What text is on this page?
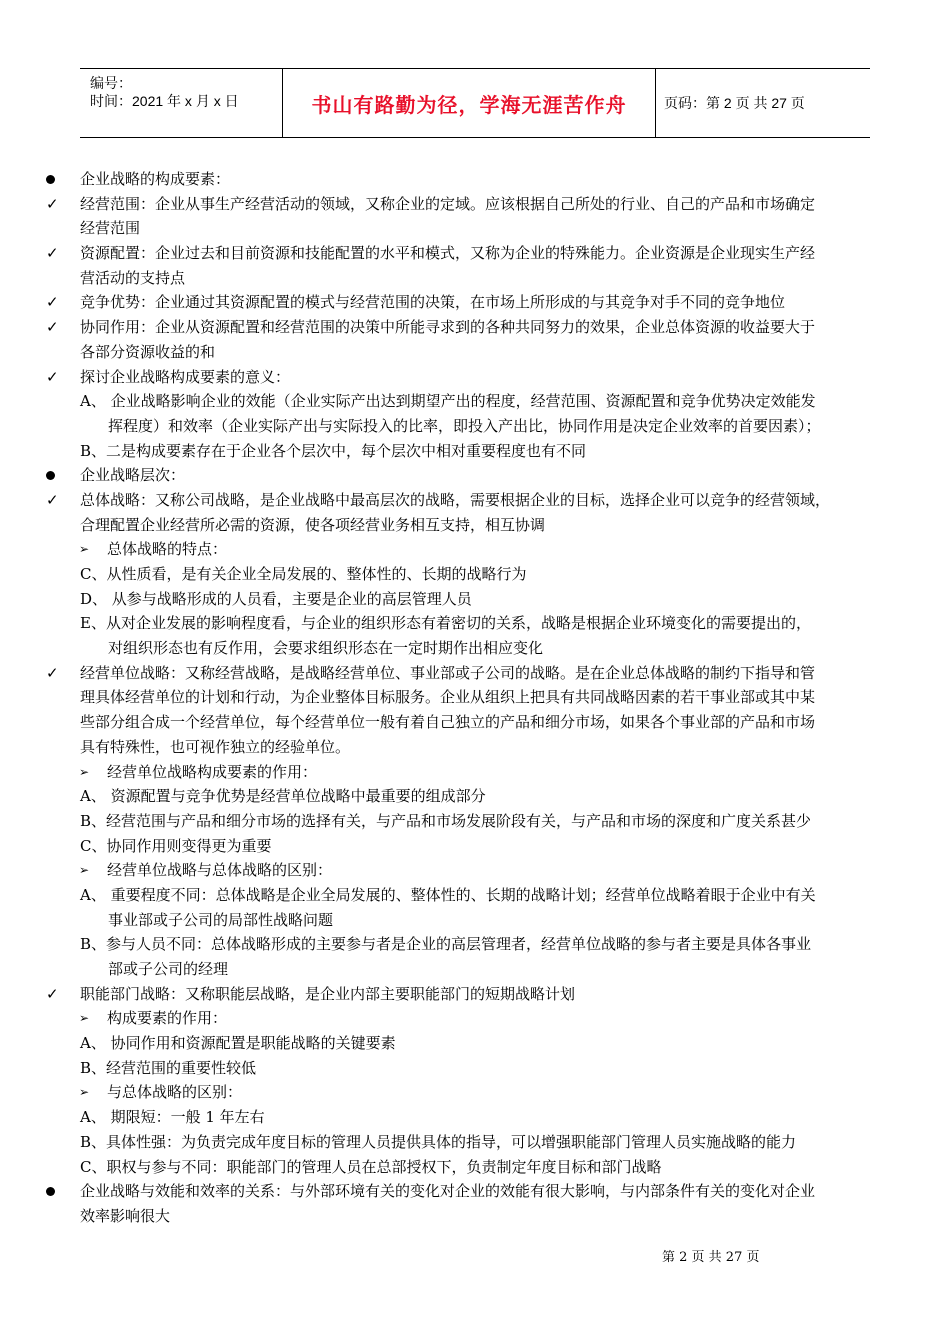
编号：
时间：2021 年 x 月 x 日	书山有路勤为径，学海无涯苦作舟	页码：第 2 页 共 27 页
企业战略的构成要素：
✓ 经营范围：企业从事生产经营活动的领域，又称企业的定域。应该根据自己所处的行业、自己的产品和市场确定
经营范围
✓ 资源配置：企业过去和目前资源和技能配置的水平和模式，又称为企业的特殊能力。企业资源是企业现实生产经
营活动的支持点
✓ 竞争优势：企业通过其资源配置的模式与经营范围的决策，在市场上所形成的与其竞争对手不同的竞争地位
✓ 协同作用：企业从资源配置和经营范围的决策中所能寻求到的各种共同努力的效果，企业总体资源的收益要大于
各部分资源收益的和
✓ 探讨企业战略构成要素的意义：
A、 企业战略影响企业的效能（企业实际产出达到期望产出的程度，经营范围、资源配置和竞争优势决定效能发
挥程度）和效率（企业实际产出与实际投入的比率，即投入产出比，协同作用是决定企业效率的首要因素）；
B、二是构成要素存在于企业各个层次中，每个层次中相对重要程度也有不同
企业战略层次：
✓ 总体战略：又称公司战略，是企业战略中最高层次的战略，需要根据企业的目标，选择企业可以竞争的经营领域，
合理配置企业经营所必需的资源，使各项经营业务相互支持，相互协调
➢ 总体战略的特点：
C、从性质看，是有关企业全局发展的、整体性的、长期的战略行为
D、 从参与战略形成的人员看，主要是企业的高层管理人员
E、从对企业发展的影响程度看，与企业的组织形态有着密切的关系，战略是根据企业环境变化的需要提出的，
对组织形态也有反作用，会要求组织形态在一定时期作出相应变化
✓ 经营单位战略：又称经营战略，是战略经营单位、事业部或子公司的战略。是在企业总体战略的制约下指导和管
理具体经营单位的计划和行动，为企业整体目标服务。企业从组织上把具有共同战略因素的若干事业部或其中某
些部分组合成一个经营单位，每个经营单位一般有着自己独立的产品和细分市场，如果各个事业部的产品和市场
具有特殊性，也可视作独立的经验单位。
➢ 经营单位战略构成要素的作用：
A、 资源配置与竞争优势是经营单位战略中最重要的组成部分
B、经营范围与产品和细分市场的选择有关，与产品和市场发展阶段有关，与产品和市场的深度和广度关系甚少
C、协同作用则变得更为重要
➢ 经营单位战略与总体战略的区别：
A、 重要程度不同：总体战略是企业全局发展的、整体性的、长期的战略计划；经营单位战略着眼于企业中有关
事业部或子公司的局部性战略问题
B、参与人员不同：总体战略形成的主要参与者是企业的高层管理者，经营单位战略的参与者主要是具体各事业
部或子公司的经理
✓ 职能部门战略：又称职能层战略，是企业内部主要职能部门的短期战略计划
➢ 构成要素的作用：
A、 协同作用和资源配置是职能战略的关键要素
B、经营范围的重要性较低
➢ 与总体战略的区别：
A、 期限短：一般 1 年左右
B、具体性强：为负责完成年度目标的管理人员提供具体的指导，可以增强职能部门管理人员实施战略的能力
C、职权与参与不同：职能部门的管理人员在总部授权下，负责制定年度目标和部门战略
企业战略与效能和效率的关系：与外部环境有关的变化对企业的效能有很大影响，与内部条件有关的变化对企业
效率影响很大
第 2 页 共 27 页
